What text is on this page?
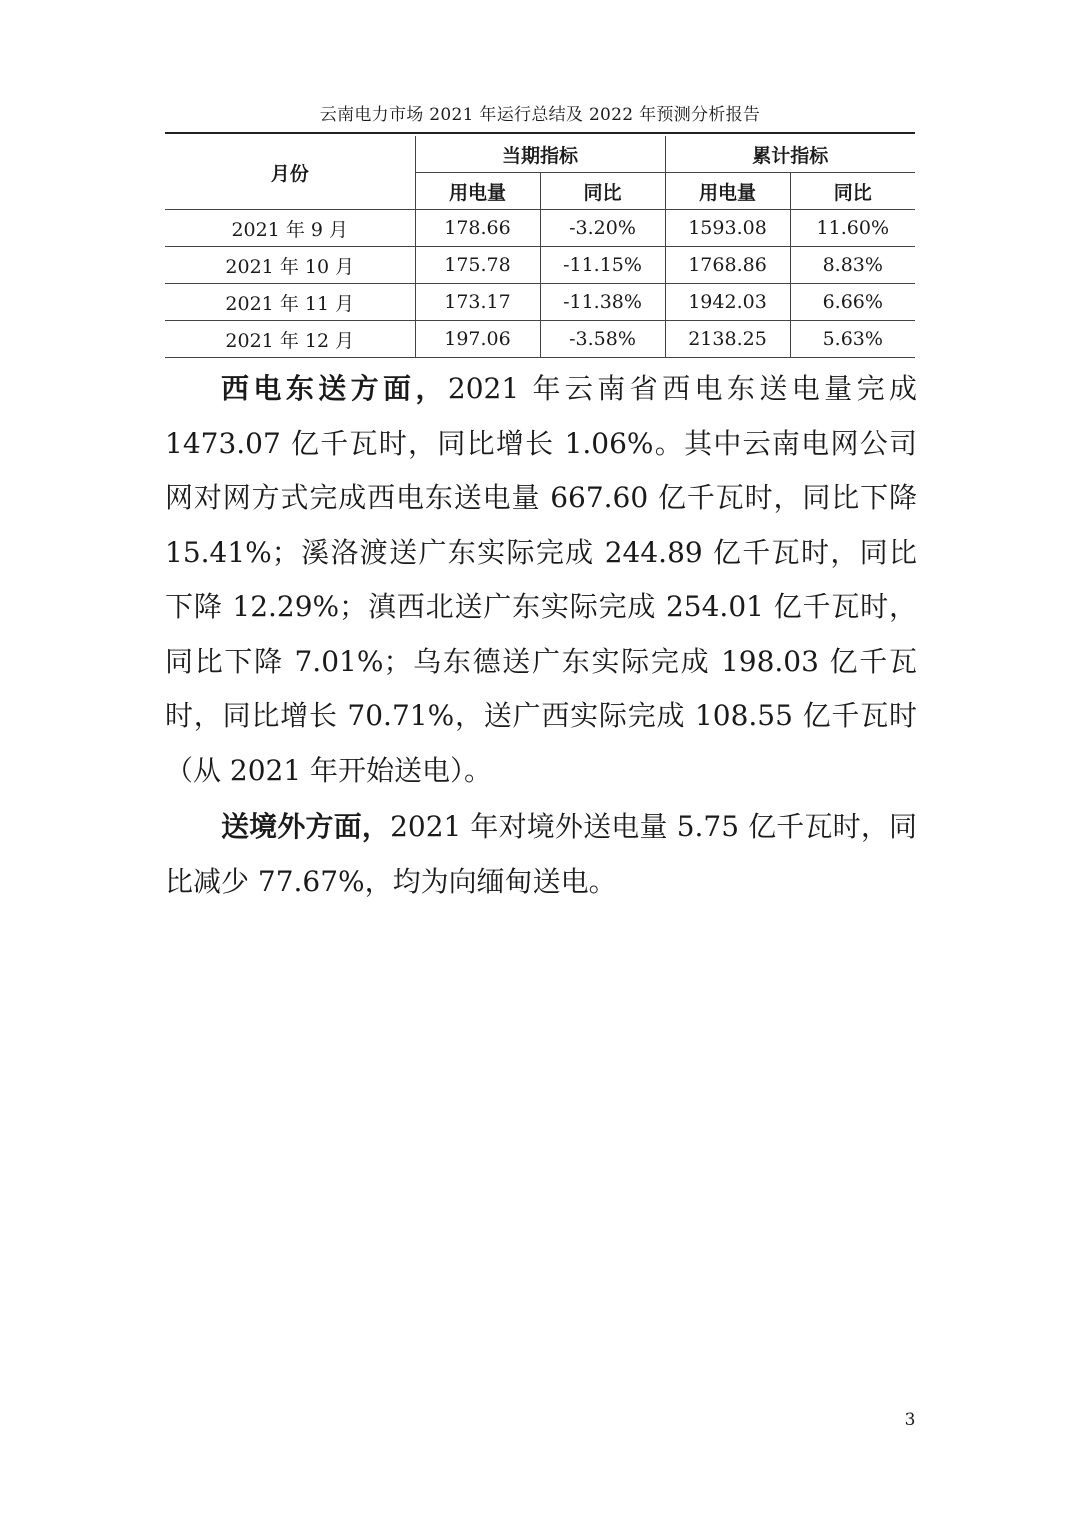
云南电力市场 2021 年运行总结及 2022 年预测分析报告
月份	当期指标		累计指标	
	用电量	同比	用电量	同比
2021 年 9 月	178.66	-3.20%	1593.08	11.60%
2021 年 10 月	175.78	-11.15%	1768.86	8.83%
2021 年 11 月	173.17	-11.38%	1942.03	6.66%
2021 年 12 月	197.06	-3.58%	2138.25	5.63%

西电东送方面，2021 年云南省西电东送电量完成 1473.07 亿千瓦时，同比增长 1.06%。其中云南电网公司网对网方式完成西电东送电量 667.60 亿千瓦时，同比下降 15.41%；溪洛渡送广东实际完成 244.89 亿千瓦时，同比下降 12.29%；滇西北送广东实际完成 254.01 亿千瓦时，同比下降 7.01%；乌东德送广东实际完成 198.03 亿千瓦时，同比增长 70.71%，送广西实际完成 108.55 亿千瓦时（从 2021 年开始送电）。

送境外方面，2021 年对境外送电量 5.75 亿千瓦时，同比减少 77.67%，均为向缅甸送电。

3
